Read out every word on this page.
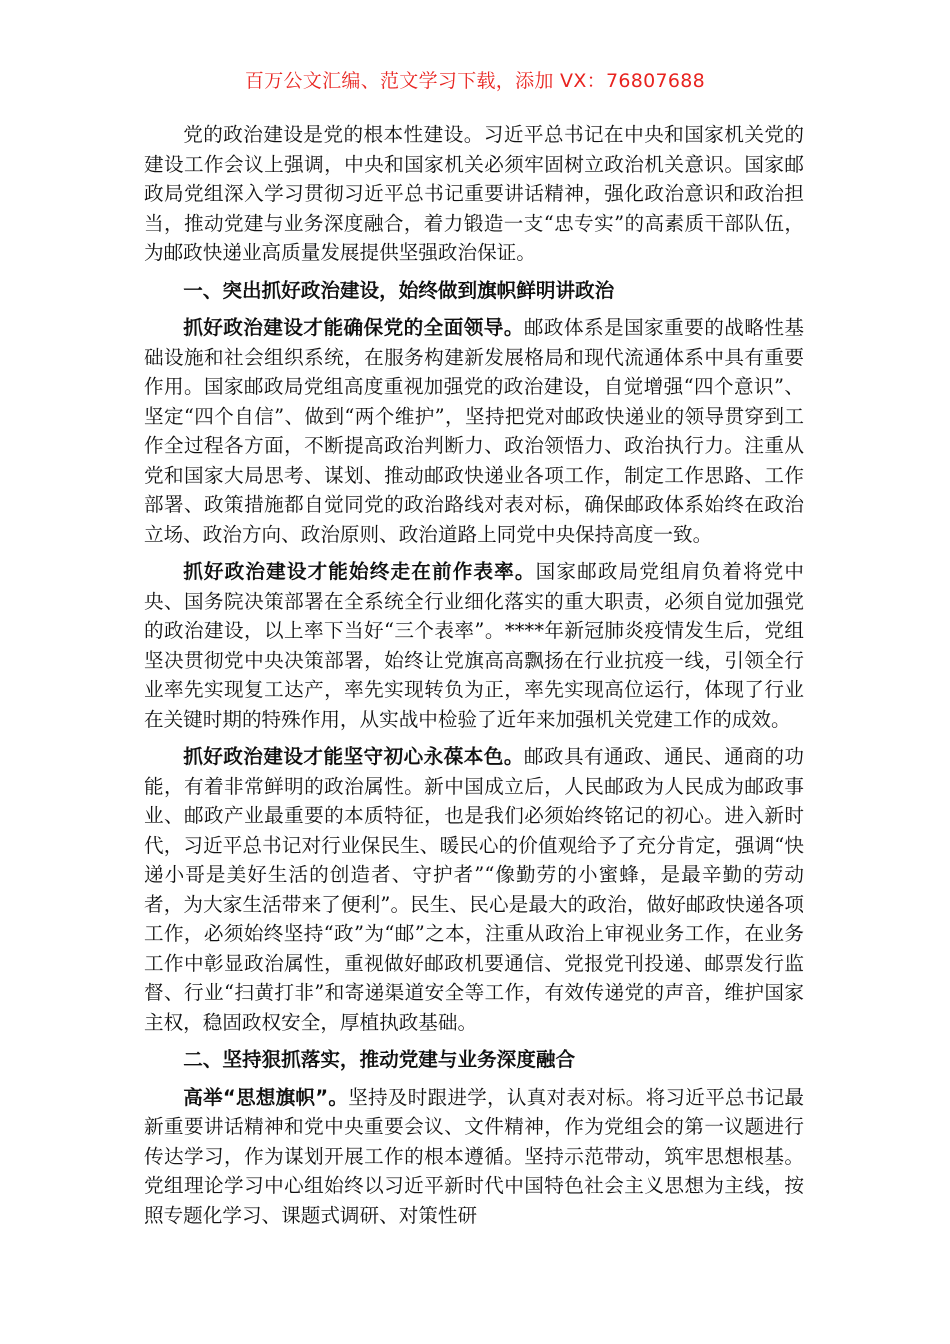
百万公文汇编、范文学习下载，添加 VX：76807688

党的政治建设是党的根本性建设。习近平总书记在中央和国家机关党的建设工作会议上强调，中央和国家机关必须牢固树立政治机关意识。国家邮政局党组深入学习贯彻习近平总书记重要讲话精神，强化政治意识和政治担当，推动党建与业务深度融合，着力锻造一支“忠专实”的高素质干部队伍，为邮政快递业高质量发展提供坚强政治保证。

一、突出抓好政治建设，始终做到旗帜鲜明讲政治

抓好政治建设才能确保党的全面领导。邮政体系是国家重要的战略性基础设施和社会组织系统，在服务构建新发展格局和现代流通体系中具有重要作用。国家邮政局党组高度重视加强党的政治建设，自觉增强“四个意识”、坚定“四个自信”、做到“两个维护”，坚持把党对邮政快递业的领导贯穿到工作全过程各方面，不断提高政治判断力、政治领悟力、政治执行力。注重从党和国家大局思考、谋划、推动邮政快递业各项工作，制定工作思路、工作部署、政策措施都自觉同党的政治路线对表对标，确保邮政体系始终在政治立场、政治方向、政治原则、政治道路上同党中央保持高度一致。

抓好政治建设才能始终走在前作表率。国家邮政局党组肩负着将党中央、国务院决策部署在全系统全行业细化落实的重大职责，必须自觉加强党的政治建设，以上率下当好“三个表率”。****年新冠肺炎疫情发生后，党组坚决贯彻党中央决策部署，始终让党旗高高飘扬在行业抗疫一线，引领全行业率先实现复工达产，率先实现转负为正，率先实现高位运行，体现了行业在关键时期的特殊作用，从实战中检验了近年来加强机关党建工作的成效。

抓好政治建设才能坚守初心永葆本色。邮政具有通政、通民、通商的功能，有着非常鲜明的政治属性。新中国成立后，人民邮政为人民成为邮政事业、邮政产业最重要的本质特征，也是我们必须始终铭记的初心。进入新时代，习近平总书记对行业保民生、暖民心的价值观给予了充分肯定，强调“快递小哥是美好生活的创造者、守护者”“像勤劳的小蜜蜂，是最辛勤的劳动者，为大家生活带来了便利”。民生、民心是最大的政治，做好邮政快递各项工作，必须始终坚持“政”为“邮”之本，注重从政治上审视业务工作，在业务工作中彰显政治属性，重视做好邮政机要通信、党报党刊投递、邮票发行监督、行业“扫黄打非”和寄递渠道安全等工作，有效传递党的声音，维护国家主权，稳固政权安全，厚植执政基础。

二、坚持狠抓落实，推动党建与业务深度融合

高举“思想旗帜”。坚持及时跟进学，认真对表对标。将习近平总书记最新重要讲话精神和党中央重要会议、文件精神，作为党组会的第一议题进行传达学习，作为谋划开展工作的根本遵循。坚持示范带动，筑牢思想根基。党组理论学习中心组始终以习近平新时代中国特色社会主义思想为主线，按照专题化学习、课题式调研、对策性研
